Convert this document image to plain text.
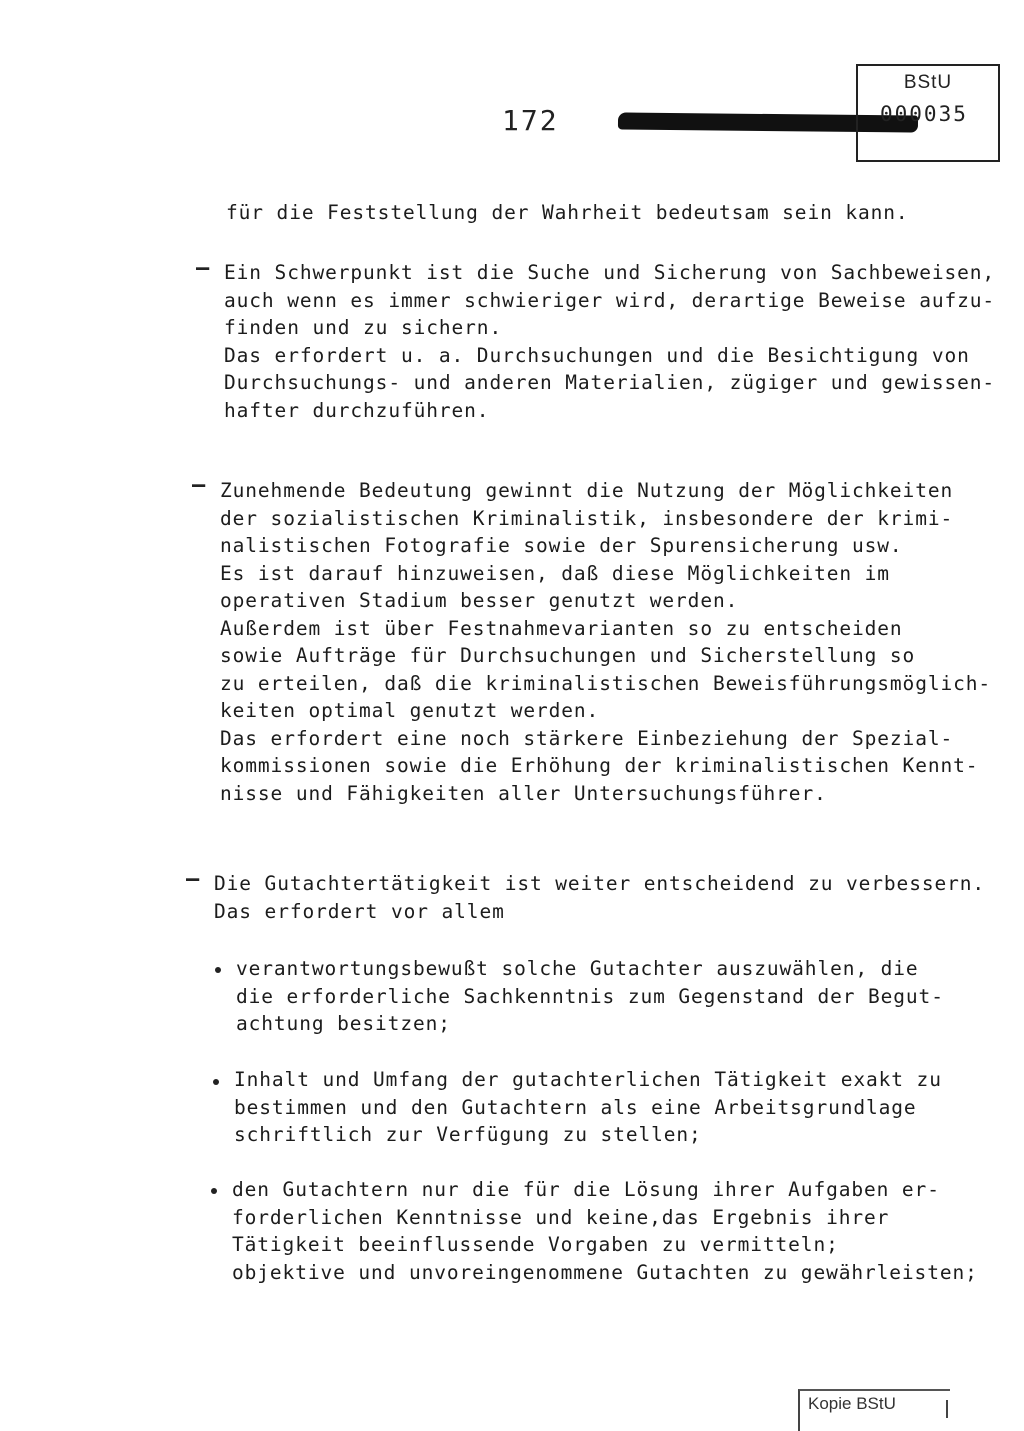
172
BStU
000035
für die Feststellung der Wahrheit bedeutsam sein kann.
– Ein Schwerpunkt ist die Suche und Sicherung von Sachbeweisen,
auch wenn es immer schwieriger wird, derartige Beweise aufzu-
finden und zu sichern.
Das erfordert u. a. Durchsuchungen und die Besichtigung von
Durchsuchungs- und anderen Materialien, zügiger und gewissen-
hafter durchzuführen.
– Zunehmende Bedeutung gewinnt die Nutzung der Möglichkeiten
der sozialistischen Kriminalistik, insbesondere der krimi-
nalistischen Fotografie sowie der Spurensicherung usw.
Es ist darauf hinzuweisen, daß diese Möglichkeiten im
operativen Stadium besser genutzt werden.
Außerdem ist über Festnahmevarianten so zu entscheiden
sowie Aufträge für Durchsuchungen und Sicherstellung so
zu erteilen, daß die kriminalistischen Beweisführungsmöglich-
keiten optimal genutzt werden.
Das erfordert eine noch stärkere Einbeziehung der Spezial-
kommissionen sowie die Erhöhung der kriminalistischen Kennt-
nisse und Fähigkeiten aller Untersuchungsführer.
– Die Gutachtertätigkeit ist weiter entscheidend zu verbessern.
Das erfordert vor allem
verantwortungsbewußt solche Gutachter auszuwählen, die
die erforderliche Sachkenntnis zum Gegenstand der Begut-
achtung besitzen;
Inhalt und Umfang der gutachterlichen Tätigkeit exakt zu
bestimmen und den Gutachtern als eine Arbeitsgrundlage
schriftlich zur Verfügung zu stellen;
den Gutachtern nur die für die Lösung ihrer Aufgaben er-
forderlichen Kenntnisse und keine,das Ergebnis ihrer
Tätigkeit beeinflussende Vorgaben zu vermitteln;
objektive und unvoreingenommene Gutachten zu gewährleisten;
Kopie BStU
